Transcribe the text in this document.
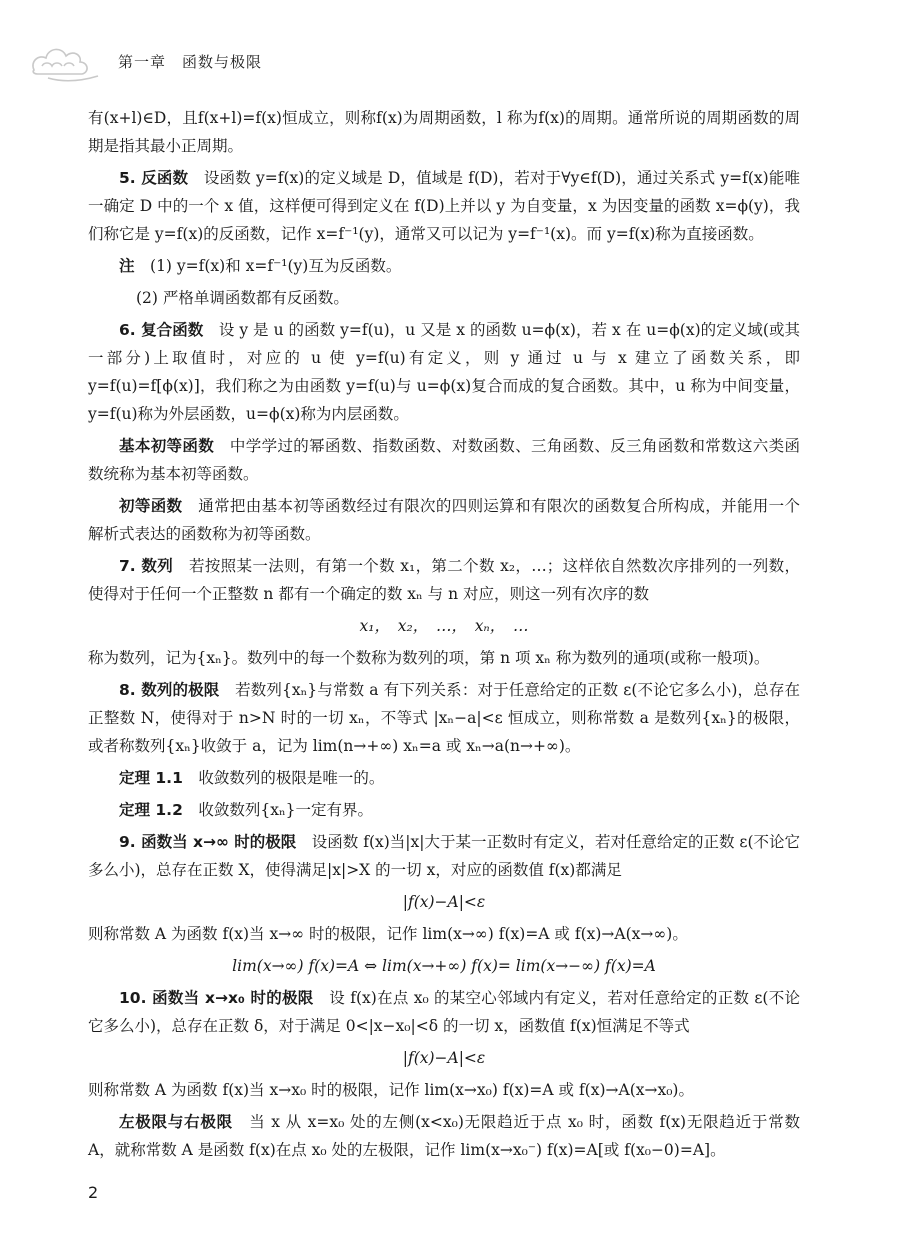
第一章　函数与极限

有(x+l)∈D，且f(x+l)=f(x)恒成立，则称f(x)为周期函数，l 称为f(x)的周期。通常所说的周期函数的周期是指其最小正周期。

5. 反函数　设函数 y=f(x)的定义域是 D，值域是 f(D)，若对于∀y∈f(D)，通过关系式 y=f(x)能唯一确定 D 中的一个 x 值，这样便可得到定义在 f(D)上并以 y 为自变量，x 为因变量的函数 x=ϕ(y)，我们称它是 y=f(x)的反函数，记作 x=f⁻¹(y)，通常又可以记为 y=f⁻¹(x)。而 y=f(x)称为直接函数。

注　(1) y=f(x)和 x=f⁻¹(y)互为反函数。

(2) 严格单调函数都有反函数。

6. 复合函数　设 y 是 u 的函数 y=f(u)，u 又是 x 的函数 u=ϕ(x)，若 x 在 u=ϕ(x)的定义域(或其一部分)上取值时，对应的 u 使 y=f(u)有定义，则 y 通过 u 与 x 建立了函数关系，即 y=f(u)=f[ϕ(x)]，我们称之为由函数 y=f(u)与 u=ϕ(x)复合而成的复合函数。其中，u 称为中间变量，y=f(u)称为外层函数，u=ϕ(x)称为内层函数。

基本初等函数　中学学过的幂函数、指数函数、对数函数、三角函数、反三角函数和常数这六类函数统称为基本初等函数。

初等函数　通常把由基本初等函数经过有限次的四则运算和有限次的函数复合所构成，并能用一个解析式表达的函数称为初等函数。

7. 数列　若按照某一法则，有第一个数 x₁，第二个数 x₂，…；这样依自然数次序排列的一列数，使得对于任何一个正整数 n 都有一个确定的数 xₙ 与 n 对应，则这一列有次序的数

x₁，　x₂，　…，　xₙ，　…

称为数列，记为{xₙ}。数列中的每一个数称为数列的项，第 n 项 xₙ 称为数列的通项(或称一般项)。

8. 数列的极限　若数列{xₙ}与常数 a 有下列关系：对于任意给定的正数 ε(不论它多么小)，总存在正整数 N，使得对于 n>N 时的一切 xₙ，不等式 |xₙ−a|<ε 恒成立，则称常数 a 是数列{xₙ}的极限，或者称数列{xₙ}收敛于 a，记为 lim(n→+∞) xₙ=a 或 xₙ→a(n→+∞)。

定理 1.1　收敛数列的极限是唯一的。

定理 1.2　收敛数列{xₙ}一定有界。

9. 函数当 x→∞ 时的极限　设函数 f(x)当|x|大于某一正数时有定义，若对任意给定的正数 ε(不论它多么小)，总存在正数 X，使得满足|x|>X 的一切 x，对应的函数值 f(x)都满足

|f(x)−A|<ε

则称常数 A 为函数 f(x)当 x→∞ 时的极限，记作 lim(x→∞) f(x)=A 或 f(x)→A(x→∞)。

lim(x→∞) f(x)=A ⇔ lim(x→+∞) f(x)= lim(x→−∞) f(x)=A

10. 函数当 x→x₀ 时的极限　设 f(x)在点 x₀ 的某空心邻域内有定义，若对任意给定的正数 ε(不论它多么小)，总存在正数 δ，对于满足 0<|x−x₀|<δ 的一切 x，函数值 f(x)恒满足不等式

|f(x)−A|<ε

则称常数 A 为函数 f(x)当 x→x₀ 时的极限，记作 lim(x→x₀) f(x)=A 或 f(x)→A(x→x₀)。

左极限与右极限　当 x 从 x=x₀ 处的左侧(x<x₀)无限趋近于点 x₀ 时，函数 f(x)无限趋近于常数 A，就称常数 A 是函数 f(x)在点 x₀ 处的左极限，记作 lim(x→x₀⁻) f(x)=A[或 f(x₀−0)=A]。

2
